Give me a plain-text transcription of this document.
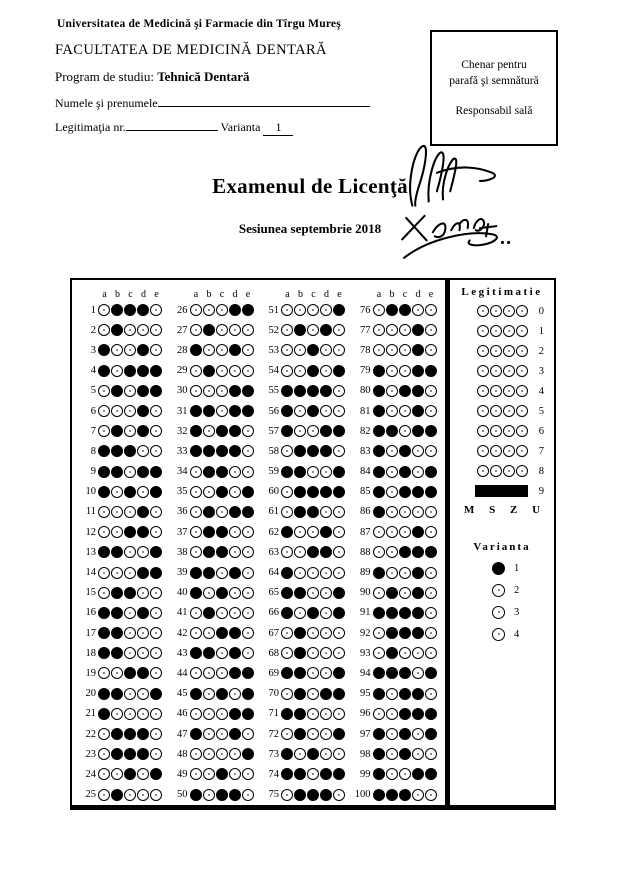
Universitatea de Medicină şi Farmacie din Tîrgu Mureş
FACULTATEA DE MEDICINĂ DENTARĂ
Program de studiu: Tehnică Dentară
Numele şi prenumele
Legitimaţia nr.	Varianta 1
Chenar pentru
parafă şi semnătură
Responsabil sală
Examenul de Licenţă
Sesiunea septembrie 2018
a b c d e
1
2
3
4
5
6
7
8
9
10
11
12
13
14
15
16
17
18
19
20
21
22
23
24
25
a b c d e
26
27
28
29
30
31
32
33
34
35
36
37
38
39
40
41
42
43
44
45
46
47
48
49
50
a b c d e
51
52
53
54
55
56
57
58
59
60
61
62
63
64
65
66
67
68
69
70
71
72
73
74
75
a b c d e
76
77
78
79
80
81
82
83
84
85
86
87
88
89
90
91
92
93
94
95
96
97
98
99
100
Legitimatie
0
1
2
3
4
5
6
7
8
9
M S Z U
Varianta
1
2
3
4
